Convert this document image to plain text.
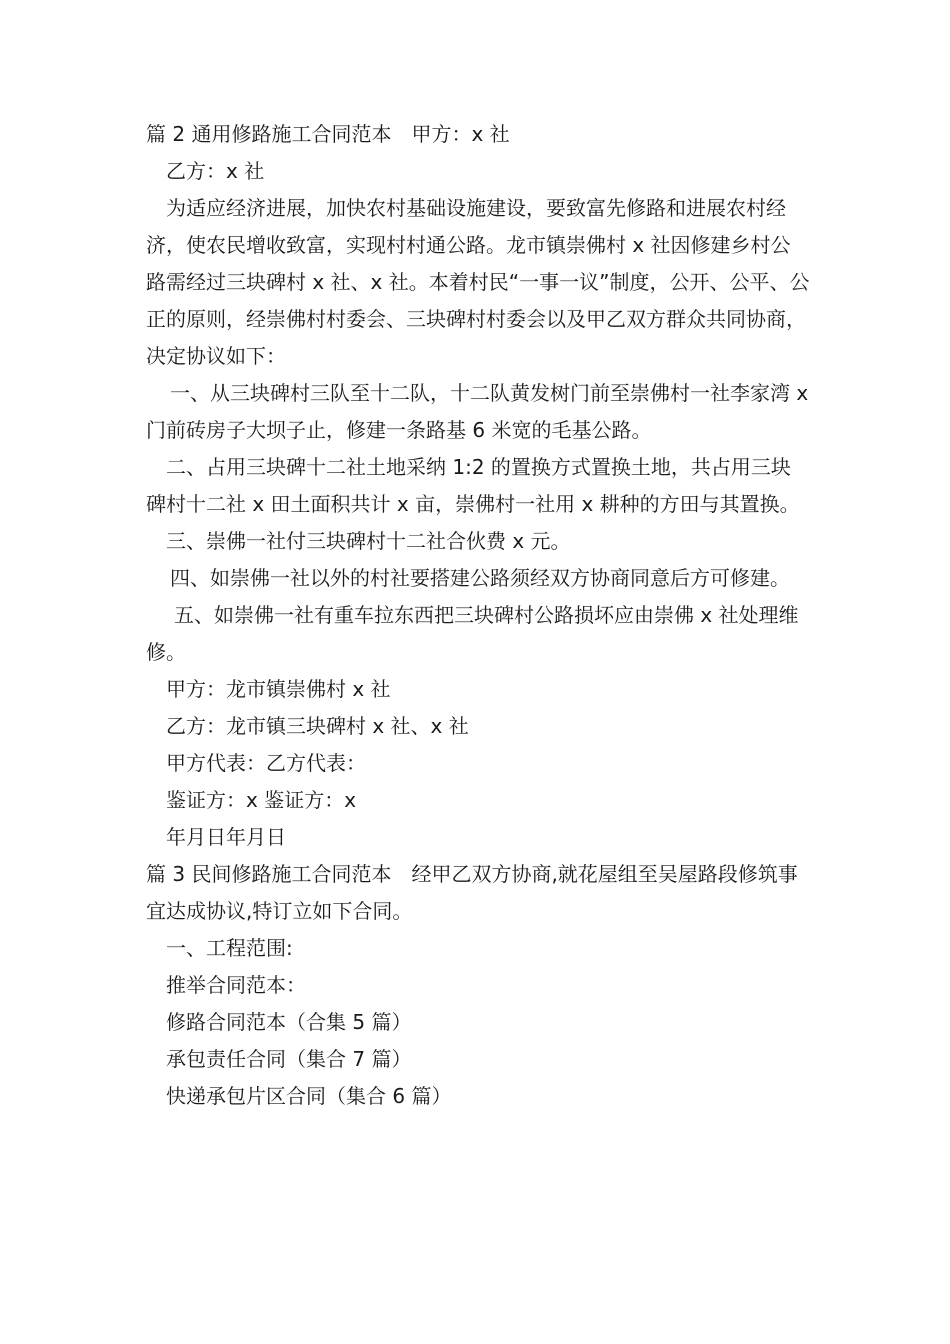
篇 2 通用修路施工合同范本　甲方：x 社

乙方：x 社

为适应经济进展，加快农村基础设施建设，要致富先修路和进展农村经济，使农民增收致富，实现村村通公路。龙市镇崇佛村 x 社因修建乡村公路需经过三块碑村 x 社、x 社。本着村民“一事一议”制度，公开、公平、公正的原则，经崇佛村村委会、三块碑村村委会以及甲乙双方群众共同协商，决定协议如下：

一、从三块碑村三队至十二队，十二队黄发树门前至崇佛村一社李家湾 x 门前砖房子大坝子止，修建一条路基 6 米宽的毛基公路。

二、占用三块碑十二社土地采纳 1:2 的置换方式置换土地，共占用三块碑村十二社 x 田土面积共计 x 亩，崇佛村一社用 x 耕种的方田与其置换。

三、崇佛一社付三块碑村十二社合伙费 x 元。

四、如崇佛一社以外的村社要搭建公路须经双方协商同意后方可修建。

五、如崇佛一社有重车拉东西把三块碑村公路损坏应由崇佛 x 社处理维修。

甲方：龙市镇崇佛村 x 社

乙方：龙市镇三块碑村 x 社、x 社

甲方代表：乙方代表：

鉴证方：x 鉴证方：x

年月日年月日

篇 3 民间修路施工合同范本　经甲乙双方协商,就花屋组至吴屋路段修筑事宜达成协议,特订立如下合同。

一、工程范围:

推举合同范本：

修路合同范本（合集 5 篇）

承包责任合同（集合 7 篇）

快递承包片区合同（集合 6 篇）
